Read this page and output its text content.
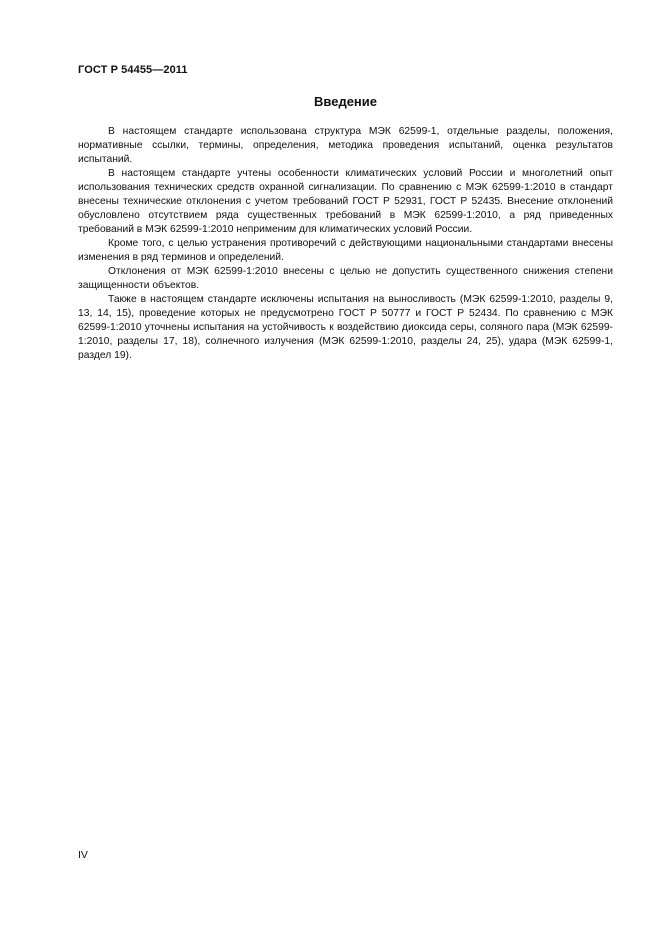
ГОСТ Р 54455—2011
Введение

В настоящем стандарте использована структура МЭК 62599-1, отдельные разделы, положения, нормативные ссылки, термины, определения, методика проведения испытаний, оценка результатов испытаний.

В настоящем стандарте учтены особенности климатических условий России и многолетний опыт использования технических средств охранной сигнализации. По сравнению с МЭК 62599-1:2010 в стандарт внесены технические отклонения с учетом требований ГОСТ Р 52931, ГОСТ Р 52435. Внесение отклонений обусловлено отсутствием ряда существенных требований в МЭК 62599-1:2010, а ряд приведенных требований в МЭК 62599-1:2010 неприменим для климатических условий России.

Кроме того, с целью устранения противоречий с действующими национальными стандартами внесены изменения в ряд терминов и определений.

Отклонения от МЭК 62599-1:2010 внесены с целью не допустить существенного снижения степени защищенности объектов.

Также в настоящем стандарте исключены испытания на выносливость (МЭК 62599-1:2010, разделы 9, 13, 14, 15), проведение которых не предусмотрено ГОСТ Р 50777 и ГОСТ Р 52434. По сравнению с МЭК 62599-1:2010 уточнены испытания на устойчивость к воздействию диоксида серы, соляного пара (МЭК 62599-1:2010, разделы 17, 18), солнечного излучения (МЭК 62599-1:2010, разделы 24, 25), удара (МЭК 62599-1, раздел 19).

IV
